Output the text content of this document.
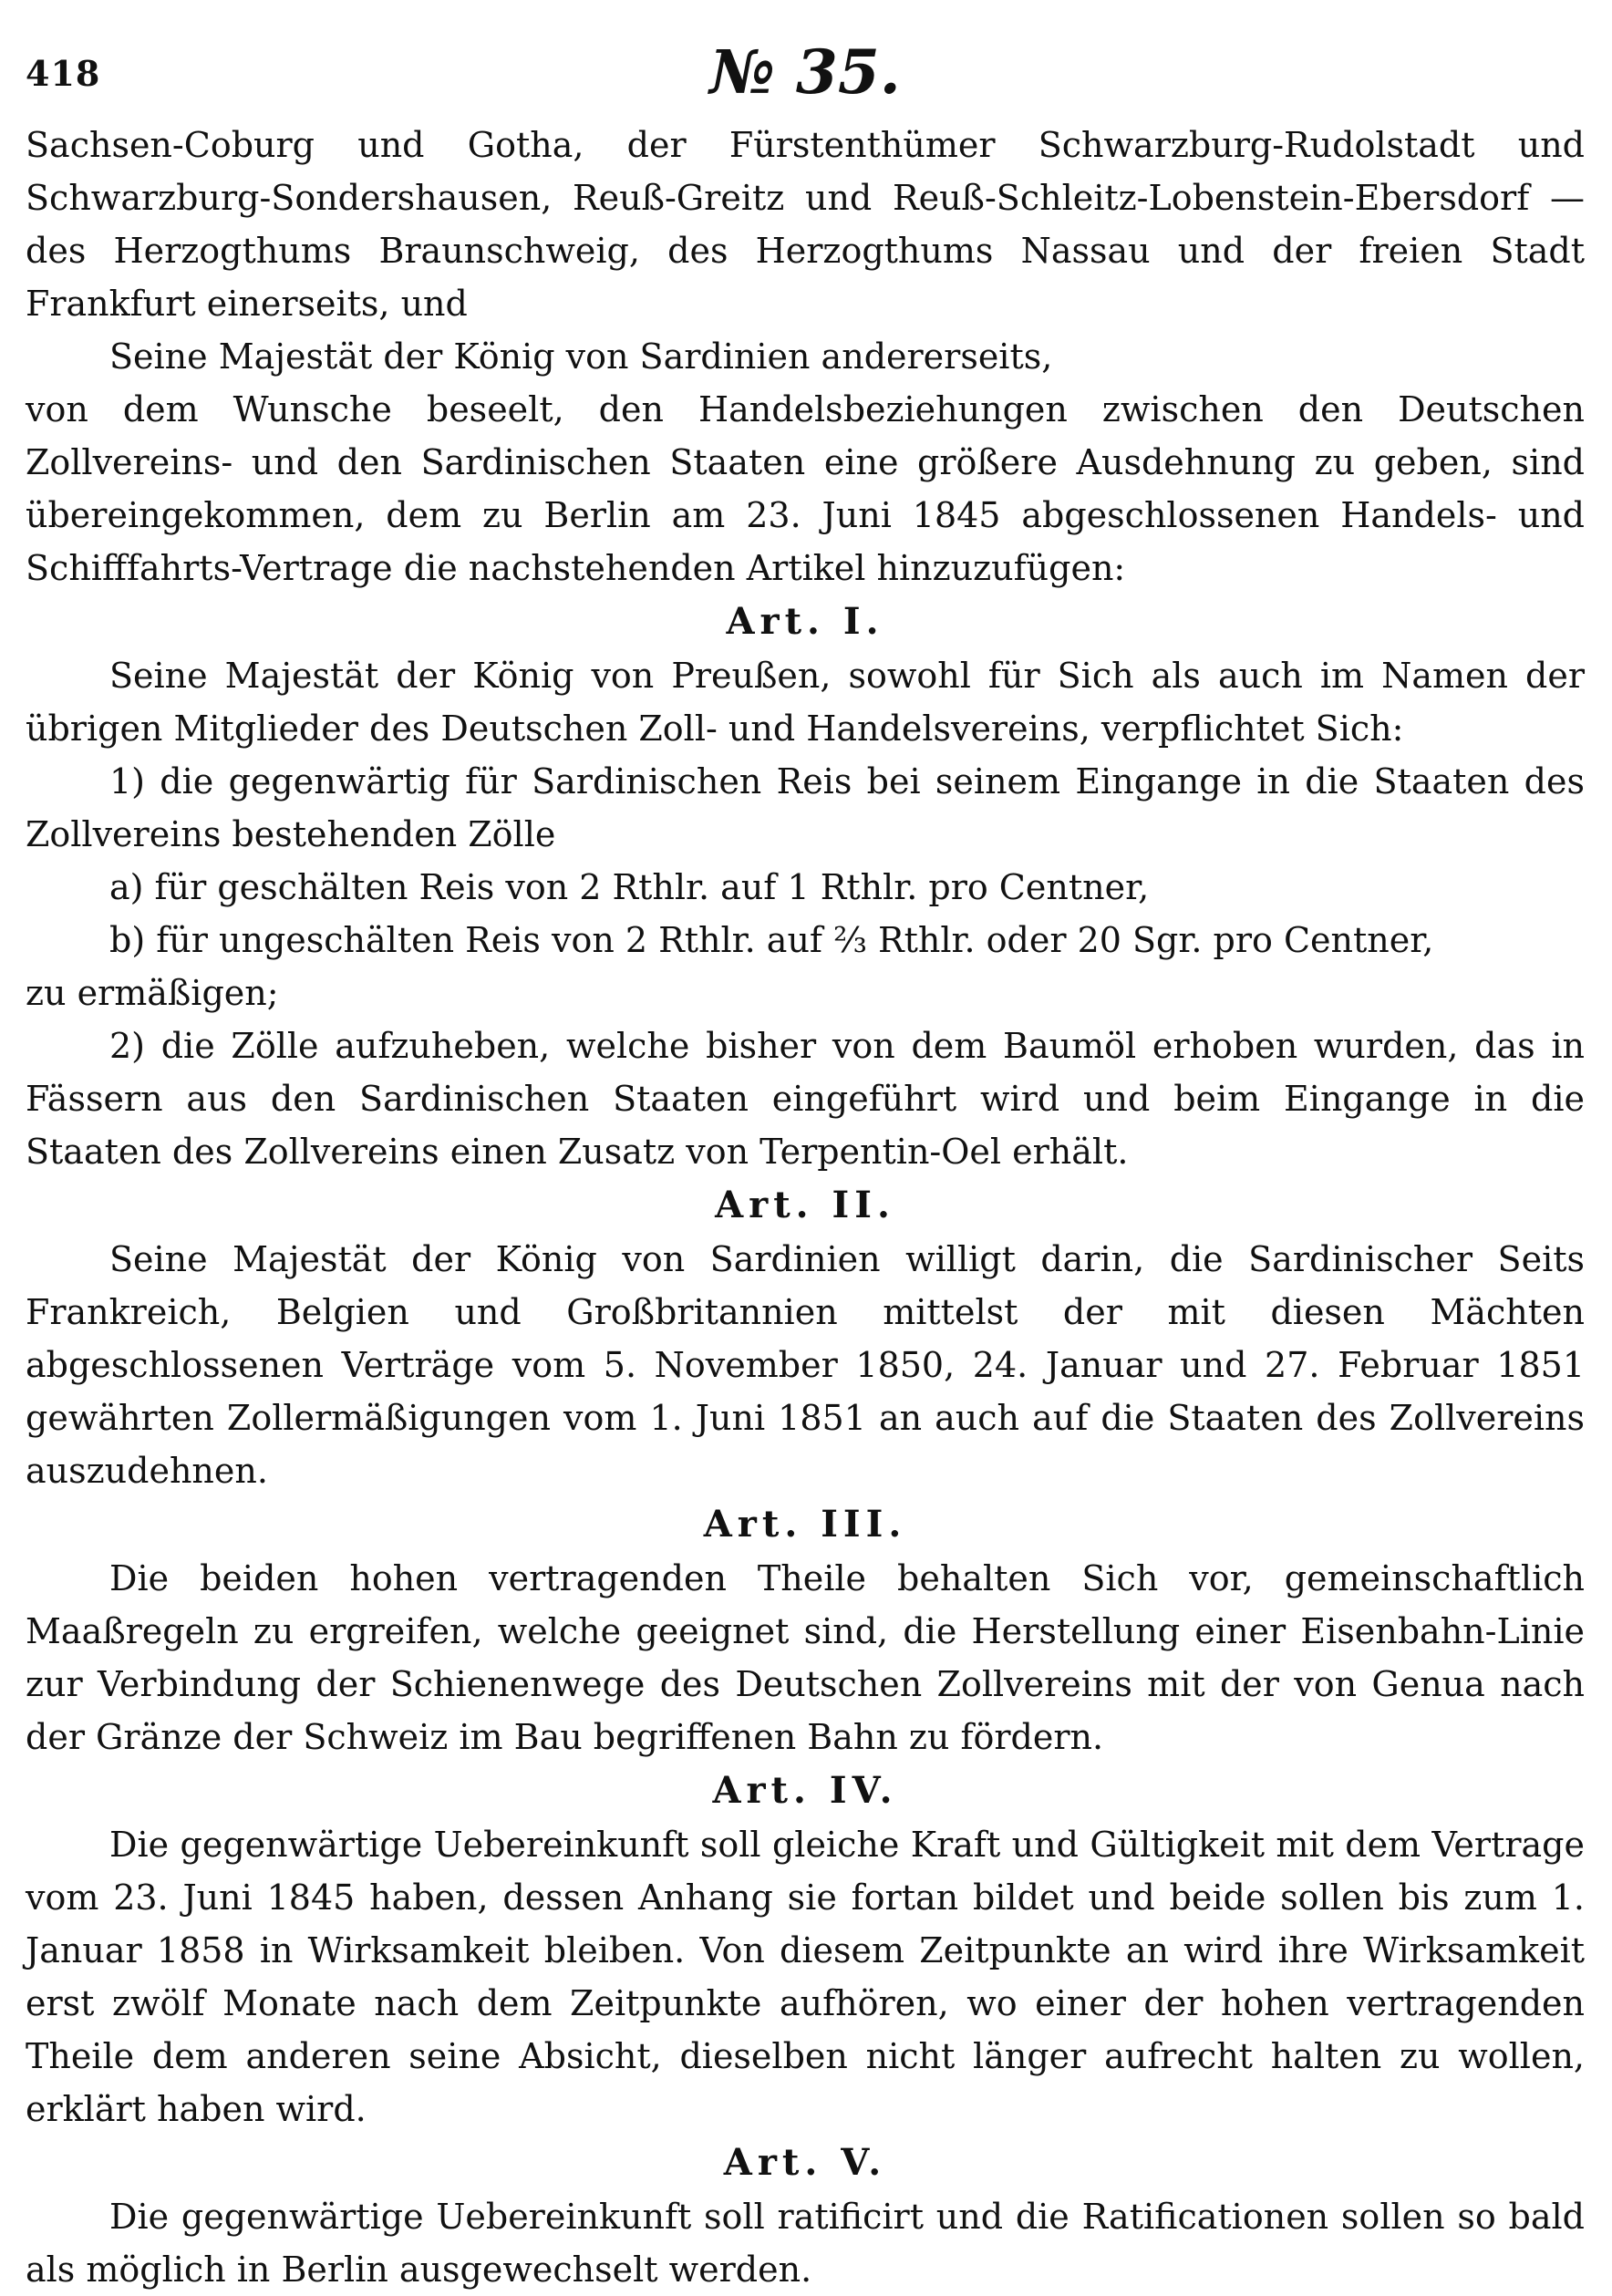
418	№ 35.

Sachsen-Coburg und Gotha, der Fürstenthümer Schwarzburg-Rudolstadt und Schwarzburg-Sondershausen, Reuß-Greitz und Reuß-Schleitz-Lobenstein-Ebersdorf — des Herzogthums Braunschweig, des Herzogthums Nassau und der freien Stadt Frankfurt einerseits, und

Seine Majestät der König von Sardinien andererseits,

von dem Wunsche beseelt, den Handelsbeziehungen zwischen den Deutschen Zollvereins- und den Sardinischen Staaten eine größere Ausdehnung zu geben, sind übereingekommen, dem zu Berlin am 23. Juni 1845 abgeschlossenen Handels- und Schifffahrts-Vertrage die nachstehenden Artikel hinzuzufügen:

Art. I.

Seine Majestät der König von Preußen, sowohl für Sich als auch im Namen der übrigen Mitglieder des Deutschen Zoll- und Handelsvereins, verpflichtet Sich:

1) die gegenwärtig für Sardinischen Reis bei seinem Eingange in die Staaten des Zollvereins bestehenden Zölle

a) für geschälten Reis von 2 Rthlr. auf 1 Rthlr. pro Centner,

b) für ungeschälten Reis von 2 Rthlr. auf ⅔ Rthlr. oder 20 Sgr. pro Centner,

zu ermäßigen;

2) die Zölle aufzuheben, welche bisher von dem Baumöl erhoben wurden, das in Fässern aus den Sardinischen Staaten eingeführt wird und beim Eingange in die Staaten des Zollvereins einen Zusatz von Terpentin-Oel erhält.

Art. II.

Seine Majestät der König von Sardinien willigt darin, die Sardinischer Seits Frankreich, Belgien und Großbritannien mittelst der mit diesen Mächten abgeschlossenen Verträge vom 5. November 1850, 24. Januar und 27. Februar 1851 gewährten Zollermäßigungen vom 1. Juni 1851 an auch auf die Staaten des Zollvereins auszudehnen.

Art. III.

Die beiden hohen vertragenden Theile behalten Sich vor, gemeinschaftlich Maaßregeln zu ergreifen, welche geeignet sind, die Herstellung einer Eisenbahn-Linie zur Verbindung der Schienenwege des Deutschen Zollvereins mit der von Genua nach der Gränze der Schweiz im Bau begriffenen Bahn zu fördern.

Art. IV.

Die gegenwärtige Uebereinkunft soll gleiche Kraft und Gültigkeit mit dem Vertrage vom 23. Juni 1845 haben, dessen Anhang sie fortan bildet und beide sollen bis zum 1. Januar 1858 in Wirksamkeit bleiben. Von diesem Zeitpunkte an wird ihre Wirksamkeit erst zwölf Monate nach dem Zeitpunkte aufhören, wo einer der hohen vertragenden Theile dem anderen seine Absicht, dieselben nicht länger aufrecht halten zu wollen, erklärt haben wird.

Art. V.

Die gegenwärtige Uebereinkunft soll ratificirt und die Ratificationen sollen so bald als möglich in Berlin ausgewechselt werden.
